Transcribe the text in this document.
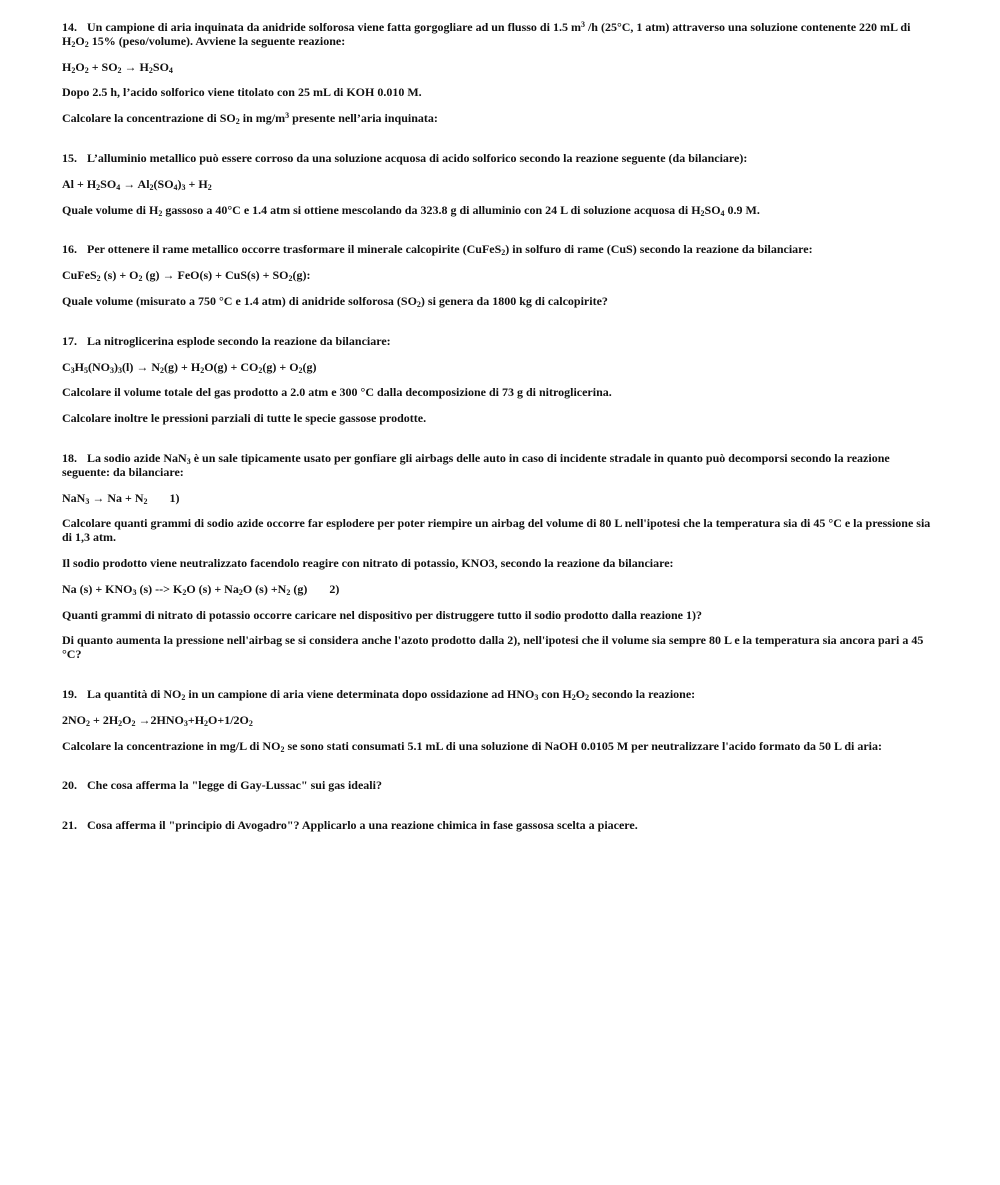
14. Un campione di aria inquinata da anidride solforosa viene fatta gorgogliare ad un flusso di 1.5 $m^3$ /h (25°C, 1 atm) attraverso una soluzione contenente 220 mL di $H_2O_2$ 15% (peso/volume). Avviene la seguente reazione:
$H_2O_2 + SO_2 \to H_2SO_4$
Dopo 2.5 h, l’acido solforico viene titolato con 25 mL di KOH 0.010 M.
Calcolare la concentrazione di $SO_2$ in $mg/m^3$ presente nell’aria inquinata:
15. L’alluminio metallico può essere corroso da una soluzione acquosa di acido solforico secondo la reazione seguente (da bilanciare):
$Al + H_2SO_4 \to Al_2(SO_4)_3 + H_2$
Quale volume di $H_2$ gassoso a 40°C e 1.4 atm si ottiene mescolando da 323.8 g di alluminio con 24 L di soluzione acquosa di $H_2SO_4$ 0.9 M.
16. Per ottenere il rame metallico occorre trasformare il minerale calcopirite (CuFeS$_2$) in solfuro di rame (CuS) secondo la reazione da bilanciare:
CuFeS$_2$ $(s) + O_2$ $(g) \to FeO(s) + CuS(s) + SO_2(g)$:
Quale volume (misurato a 750 °C e 1.4 atm) di anidride solforosa $(SO_2)$ si genera da 1800 kg di calcopirite?
17. La nitroglicerina esplode secondo la reazione da bilanciare:
$C_3H_5(NO_3)_3(l) \to N_2(g) + H_2O(g) + CO_2(g) + O_2(g)$
Calcolare il volume totale del gas prodotto a 2.0 atm e 300 °C dalla decomposizione di 73 g di nitroglicerina.
Calcolare inoltre le pressioni parziali di tutte le specie gassose prodotte.
18. La sodio azide NaN$_3$ è un sale tipicamente usato per gonfiare gli airbags delle auto in caso di incidente stradale in quanto può decomporsi secondo la reazione seguente: da bilanciare:
$NaN_3 \to Na + N_2$ 1)
Calcolare quanti grammi di sodio azide occorre far esplodere per poter riempire un airbag del volume di 80 L nell'ipotesi che la temperatura sia di 45 °C e la pressione sia di 1,3 atm.
Il sodio prodotto viene neutralizzato facendolo reagire con nitrato di potassio, KNO3, secondo la reazione da bilanciare:
Na $(s) + KNO_3$ (s) --> $K_2O$ $(s) + Na_2O$ $(s) +N_2$ (g) 2)
Quanti grammi di nitrato di potassio occorre caricare nel dispositivo per distruggere tutto il sodio prodotto dalla reazione 1)?
Di quanto aumenta la pressione nell'airbag se si considera anche l'azoto prodotto dalla 2), nell'ipotesi che il volume sia sempre 80 L e la temperatura sia ancora pari a 45 °C?
19. La quantità di $NO_2$ in un campione di aria viene determinata dopo ossidazione ad $HNO_3$ con $H_2O_2$ secondo la reazione:
$2NO_2 + 2H_2O_2 \to 2HNO_3+H_2O+1/2O_2$
Calcolare la concentrazione in mg/L di $NO_2$ se sono stati consumati 5.1 mL di una soluzione di NaOH 0.0105 M per neutralizzare l'acido formato da 50 L di aria:
20. Che cosa afferma la "legge di Gay-Lussac" sui gas ideali?
21. Cosa afferma il "principio di Avogadro"? Applicarlo a una reazione chimica in fase gassosa scelta a piacere.
